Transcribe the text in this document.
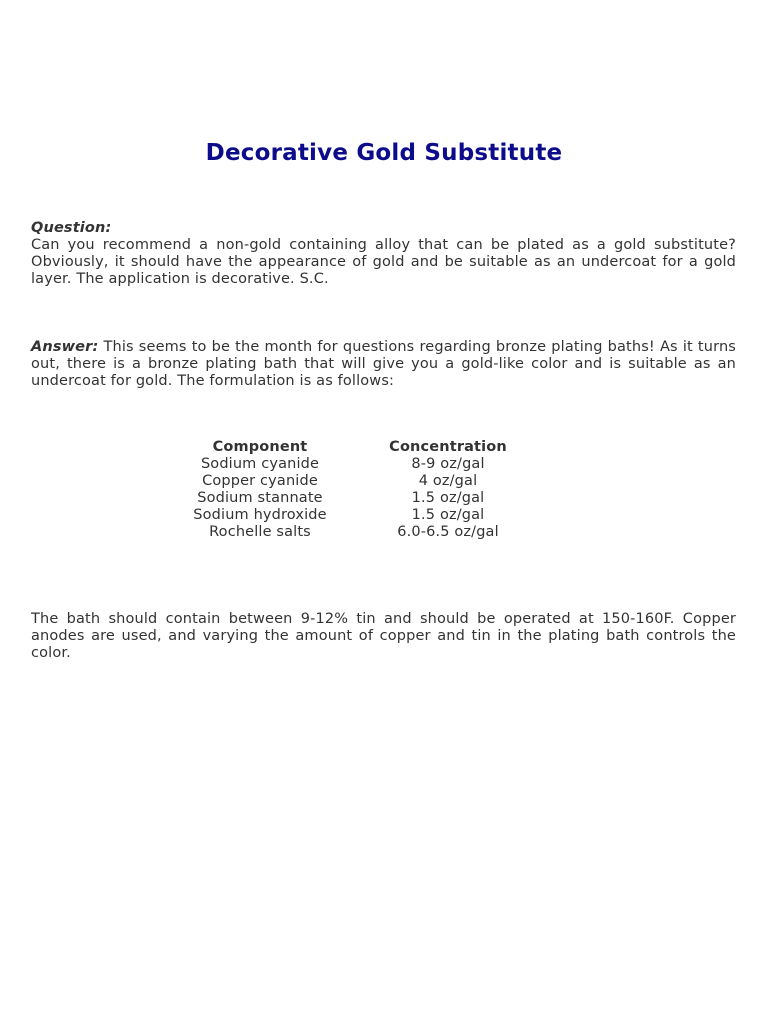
Decorative Gold Substitute
Question:
Can you recommend a non-gold containing alloy that can be plated as a gold substitute? Obviously, it should have the appearance of gold and be suitable as an undercoat for a gold layer. The application is decorative. S.C.
Answer: This seems to be the month for questions regarding bronze plating baths! As it turns out, there is a bronze plating bath that will give you a gold-like color and is suitable as an undercoat for gold. The formulation is as follows:
Component		Concentration
Sodium cyanide		8-9 oz/gal
Copper cyanide		4 oz/gal
Sodium stannate		1.5 oz/gal
Sodium hydroxide		1.5 oz/gal
Rochelle salts		6.0-6.5 oz/gal
The bath should contain between 9-12% tin and should be operated at 150-160F. Copper anodes are used, and varying the amount of copper and tin in the plating bath controls the color.
